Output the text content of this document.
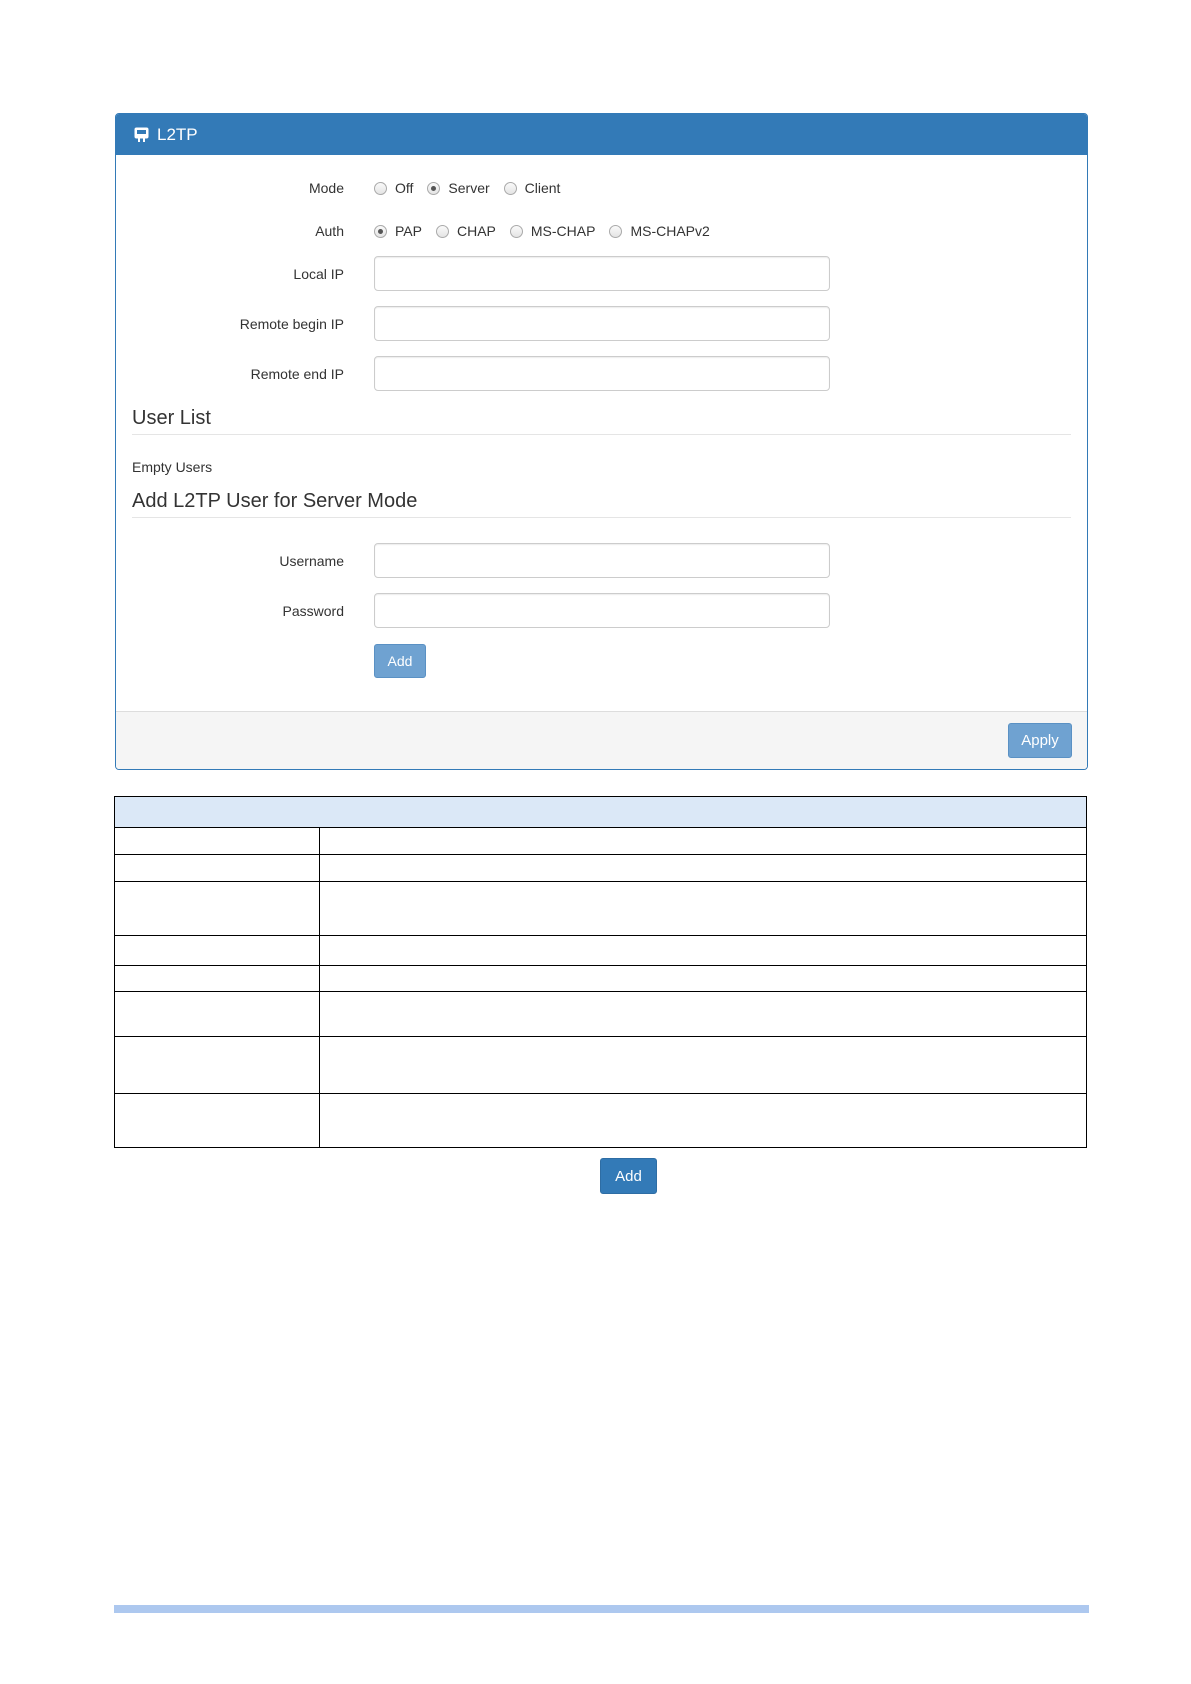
L2TP
Mode	Off	Server	Client
Auth	PAP	CHAP	MS-CHAP	MS-CHAPv2
Local IP
Remote begin IP
Remote end IP
User List
Empty Users
Add L2TP User for Server Mode
Username
Password
Add
Apply

Add
